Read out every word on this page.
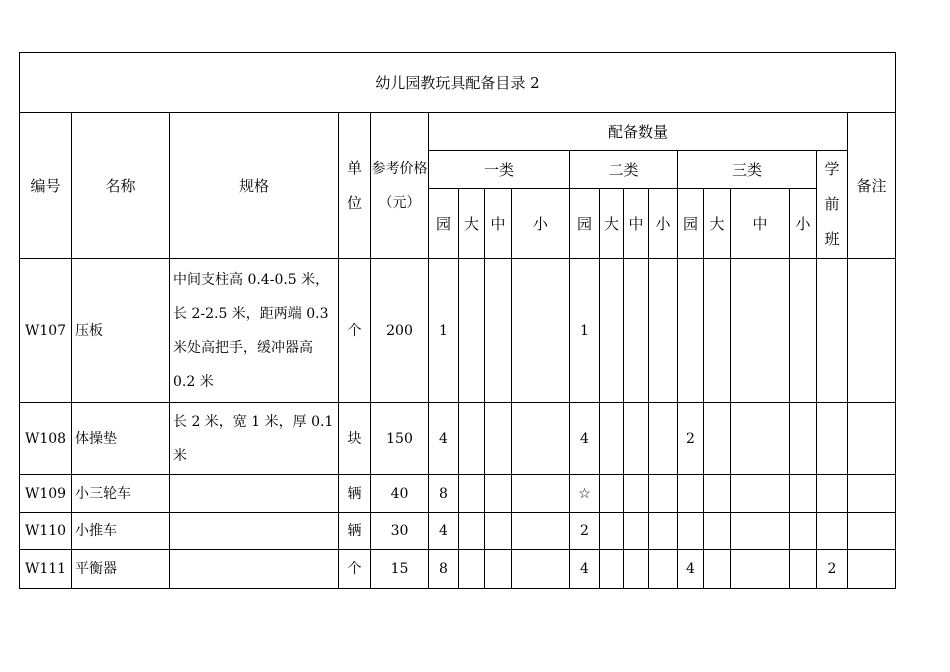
幼儿园教玩具配备目录 2																		
编号	名称	规格	单位	参考价格（元）	配备数量													备注
					一类				二类				三类				学前班	
					园	大	中	小	园	大	中	小	园	大	中	小		
W107	压板	中间支柱高 0.4-0.5 米，长 2-2.5 米，距两端 0.3 米处高把手，缓冲器高 0.2 米	个	200	1				1									
W108	体操垫	长 2 米，宽 1 米，厚 0.1 米	块	150	4				4				2					
W109	小三轮车		辆	40	8				☆									
W110	小推车		辆	30	4				2									
W111	平衡器		个	15	8				4				4				2	
